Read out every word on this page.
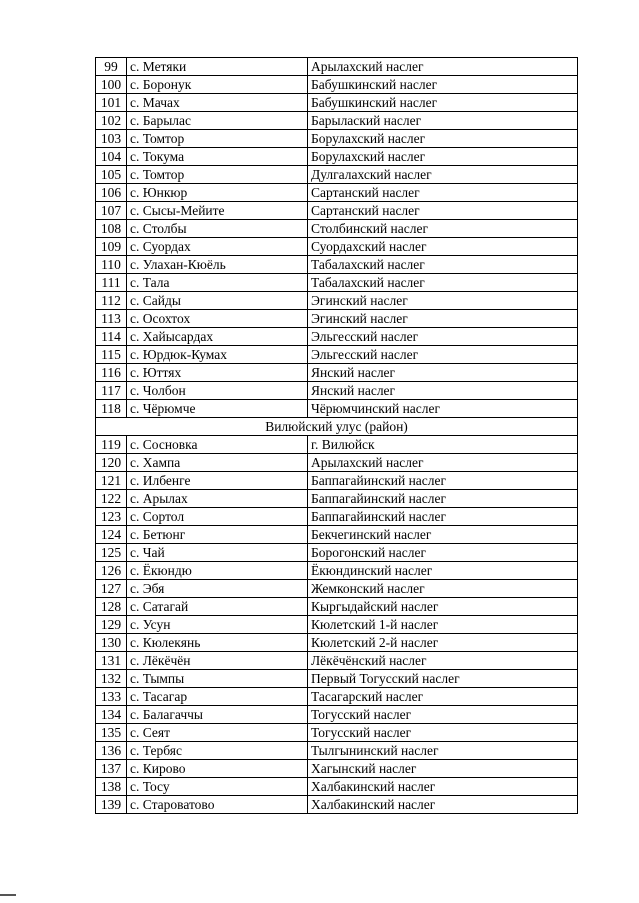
99	с. Метяки	Арылахский наслег
100	с. Боронук	Бабушкинский наслег
101	с. Мачах	Бабушкинский наслег
102	с. Барылас	Барылаский наслег
103	с. Томтор	Борулахский наслег
104	с. Токума	Борулахский наслег
105	с. Томтор	Дулгалахский наслег
106	с. Юнкюр	Сартанский наслег
107	с. Сысы-Мейите	Сартанский наслег
108	с. Столбы	Столбинский наслег
109	с. Суордах	Суордахский наслег
110	с. Улахан-Кюёль	Табалахский наслег
111	с. Тала	Табалахский наслег
112	с. Сайды	Эгинский наслег
113	с. Осохтох	Эгинский наслег
114	с. Хайысардах	Эльгесский наслег
115	с. Юрдюк-Кумах	Эльгесский наслег
116	с. Юттях	Янский наслег
117	с. Чолбон	Янский наслег
118	с. Чёрюмче	Чёрюмчинский наслег
Вилюйский улус (район)		
119	с. Сосновка	г. Вилюйск
120	с. Хампа	Арылахский наслег
121	с. Илбенге	Баппагайинский наслег
122	с. Арылах	Баппагайинский наслег
123	с. Сортол	Баппагайинский наслег
124	с. Бетюнг	Бекчегинский наслег
125	с. Чай	Борогонский наслег
126	с. Ёкюндю	Ёкюндинский наслег
127	с. Эбя	Жемконский наслег
128	с. Сатагай	Кыргыдайский наслег
129	с. Усун	Кюлетский 1-й наслег
130	с. Кюлекянь	Кюлетский 2-й наслег
131	с. Лёкёчён	Лёкёчёнский наслег
132	с. Тымпы	Первый Тогусский наслег
133	с. Тасагар	Тасагарский наслег
134	с. Балагаччы	Тогусский наслег
135	с. Сеят	Тогусский наслег
136	с. Тербяс	Тылгынинский наслег
137	с. Кирово	Хагынский наслег
138	с. Тосу	Халбакинский наслег
139	с. Староватово	Халбакинский наслег
